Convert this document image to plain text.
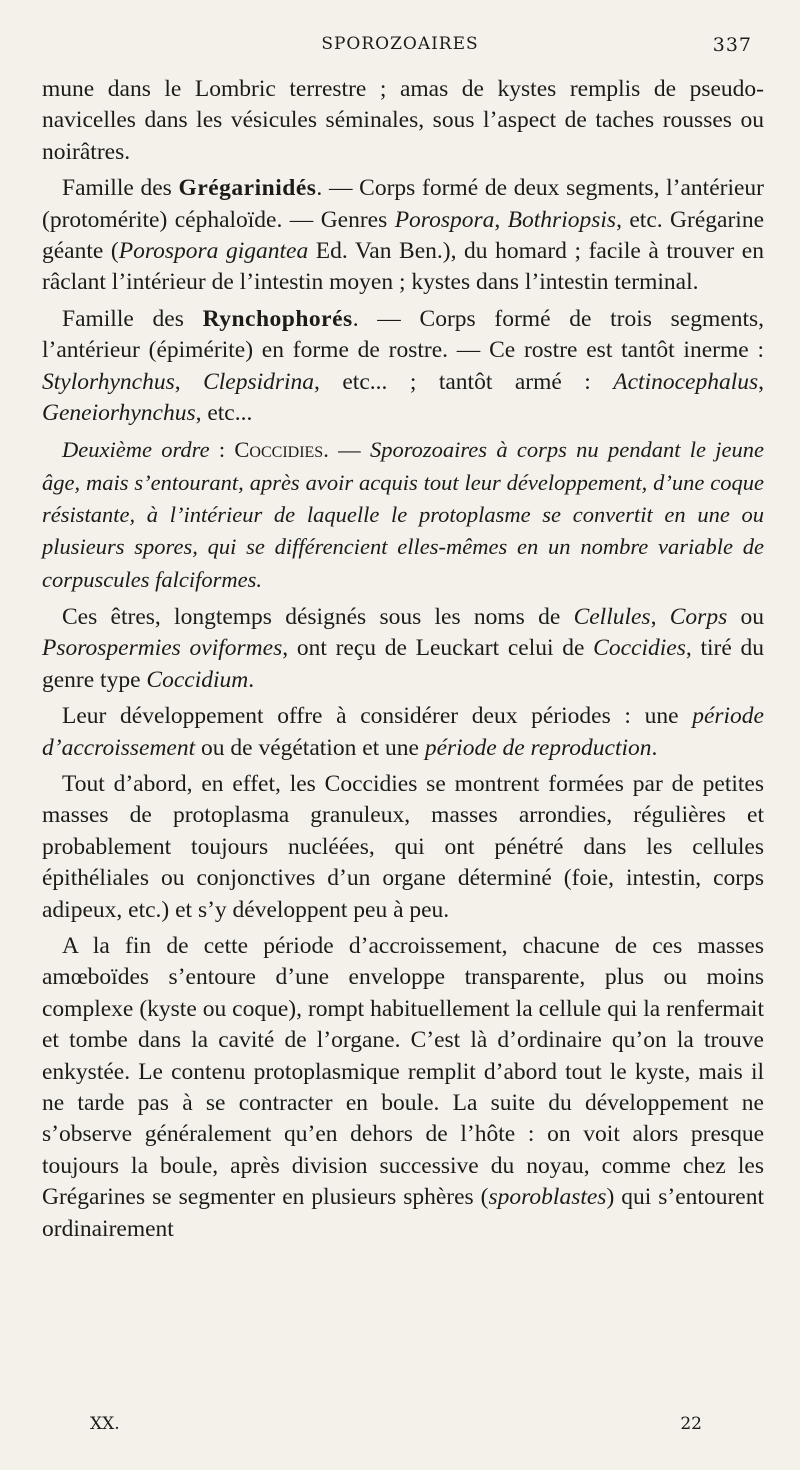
SPOROZOAIRES	337

mune dans le Lombric terrestre ; amas de kystes remplis de pseudo-navicelles dans les vésicules séminales, sous l’aspect de taches rousses ou noirâtres.

Famille des Grégarinidés. — Corps formé de deux segments, l’antérieur (protomérite) céphaloïde. — Genres Porospora, Bothriopsis, etc. Grégarine géante (Porospora gigantea Ed. Van Ben.), du homard ; facile à trouver en râclant l’intérieur de l’intestin moyen ; kystes dans l’intestin terminal.

Famille des Rynchophorés. — Corps formé de trois segments, l’antérieur (épimérite) en forme de rostre. — Ce rostre est tantôt inerme : Stylorhynchus, Clepsidrina, etc... ; tantôt armé : Actinocephalus, Geneiorhynchus, etc...

Deuxième ordre : Coccidies. — Sporozoaires à corps nu pendant le jeune âge, mais s’entourant, après avoir acquis tout leur développement, d’une coque résistante, à l’intérieur de laquelle le protoplasme se convertit en une ou plusieurs spores, qui se différencient elles-mêmes en un nombre variable de corpuscules falciformes.

Ces êtres, longtemps désignés sous les noms de Cellules, Corps ou Psorospermies oviformes, ont reçu de Leuckart celui de Coccidies, tiré du genre type Coccidium.

Leur développement offre à considérer deux périodes : une période d’accroissement ou de végétation et une période de reproduction.

Tout d’abord, en effet, les Coccidies se montrent formées par de petites masses de protoplasma granuleux, masses arrondies, régulières et probablement toujours nucléées, qui ont pénétré dans les cellules épithéliales ou conjonctives d’un organe déterminé (foie, intestin, corps adipeux, etc.) et s’y développent peu à peu.

A la fin de cette période d’accroissement, chacune de ces masses amœboïdes s’entoure d’une enveloppe transparente, plus ou moins complexe (kyste ou coque), rompt habituellement la cellule qui la renfermait et tombe dans la cavité de l’organe. C’est là d’ordinaire qu’on la trouve enkystée. Le contenu protoplasmique remplit d’abord tout le kyste, mais il ne tarde pas à se contracter en boule. La suite du développement ne s’observe généralement qu’en dehors de l’hôte : on voit alors presque toujours la boule, après division successive du noyau, comme chez les Grégarines se segmenter en plusieurs sphères (sporoblastes) qui s’entourent ordinairement

XX.	22
